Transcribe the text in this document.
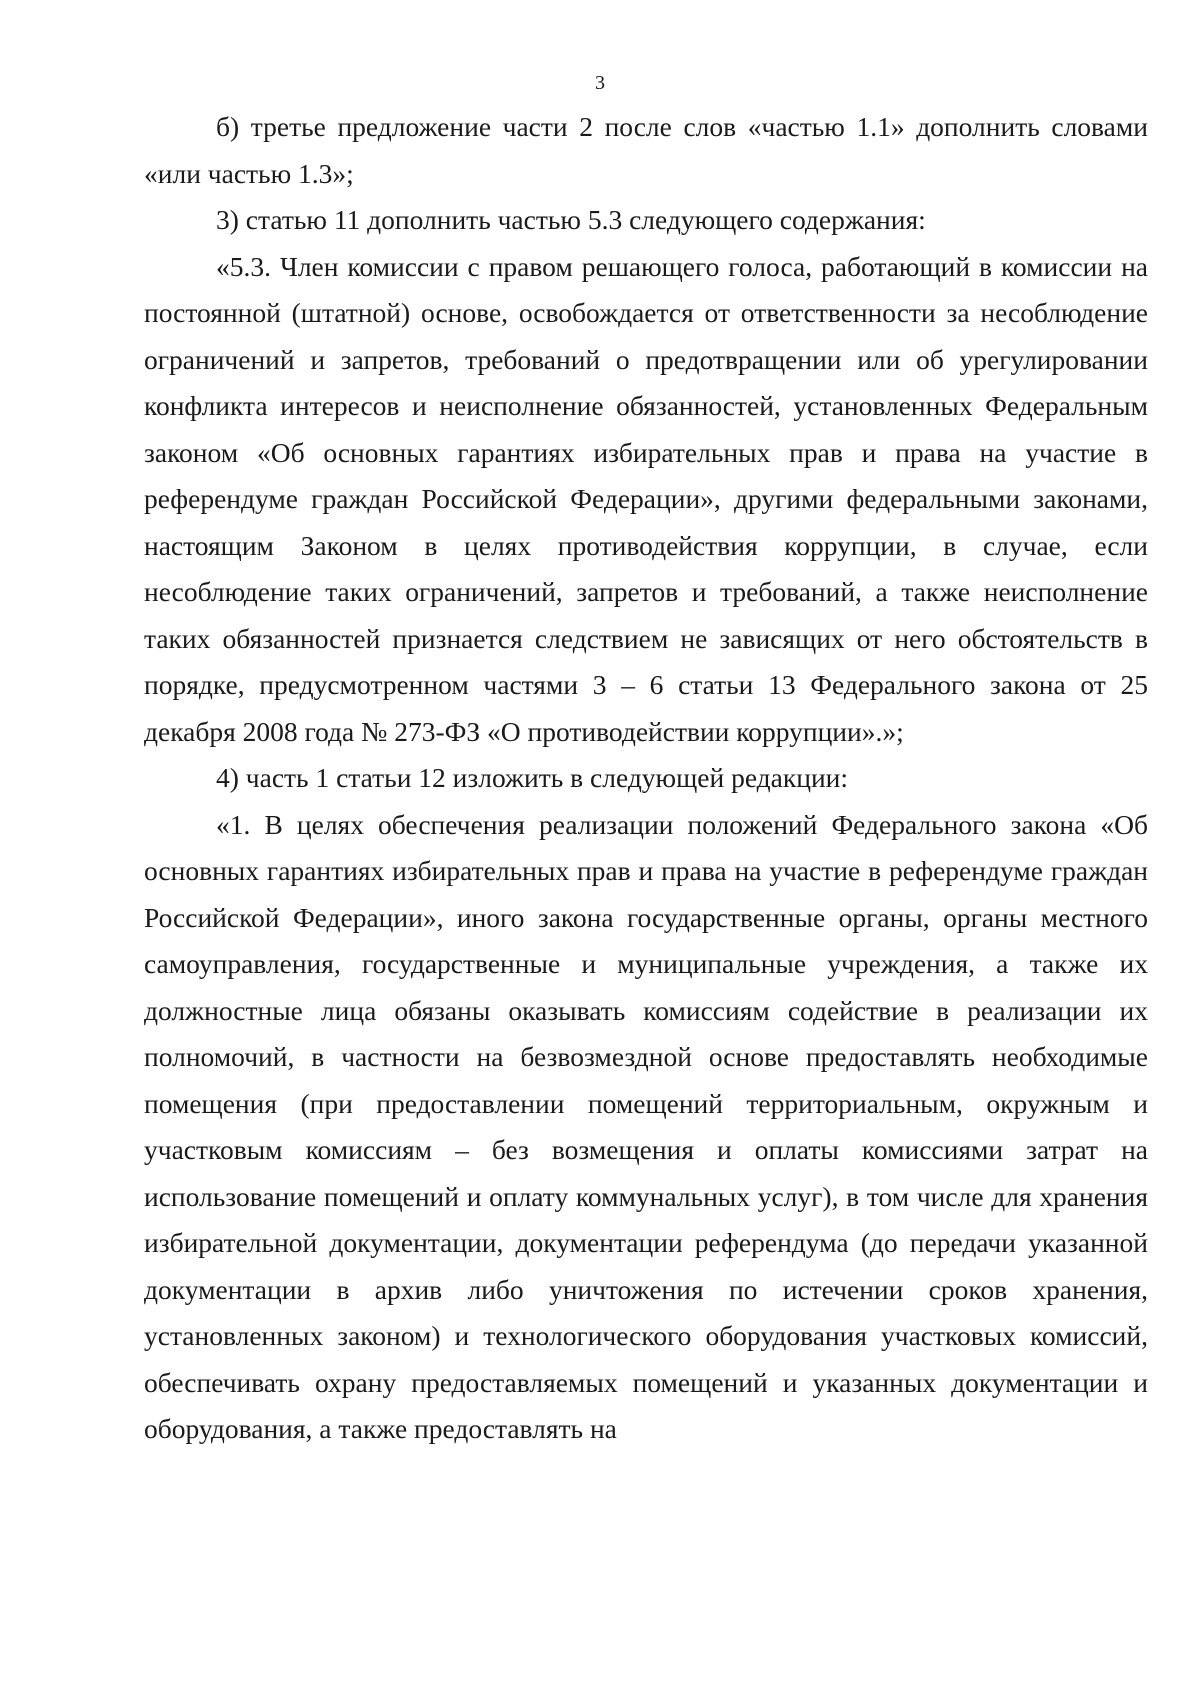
3

б) третье предложение части 2 после слов «частью 1.1» дополнить словами «или частью 1.3»;

3) статью 11 дополнить частью 5.3 следующего содержания:

«5.3. Член комиссии с правом решающего голоса, работающий в комиссии на постоянной (штатной) основе, освобождается от ответственности за несоблюдение ограничений и запретов, требований о предотвращении или об урегулировании конфликта интересов и неисполнение обязанностей, установленных Федеральным законом «Об основных гарантиях избирательных прав и права на участие в референдуме граждан Российской Федерации», другими федеральными законами, настоящим Законом в целях противодействия коррупции, в случае, если несоблюдение таких ограничений, запретов и требований, а также неисполнение таких обязанностей признается следствием не зависящих от него обстоятельств в порядке, предусмотренном частями 3 – 6 статьи 13 Федерального закона от 25 декабря 2008 года № 273-ФЗ «О противодействии коррупции».»;

4) часть 1 статьи 12 изложить в следующей редакции:

«1. В целях обеспечения реализации положений Федерального закона «Об основных гарантиях избирательных прав и права на участие в референдуме граждан Российской Федерации», иного закона государственные органы, органы местного самоуправления, государственные и муниципальные учреждения, а также их должностные лица обязаны оказывать комиссиям содействие в реализации их полномочий, в частности на безвозмездной основе предоставлять необходимые помещения (при предоставлении помещений территориальным, окружным и участковым комиссиям – без возмещения и оплаты комиссиями затрат на использование помещений и оплату коммунальных услуг), в том числе для хранения избирательной документации, документации референдума (до передачи указанной документации в архив либо уничтожения по истечении сроков хранения, установленных законом) и технологического оборудования участковых комиссий, обеспечивать охрану предоставляемых помещений и указанных документации и оборудования, а также предоставлять на
